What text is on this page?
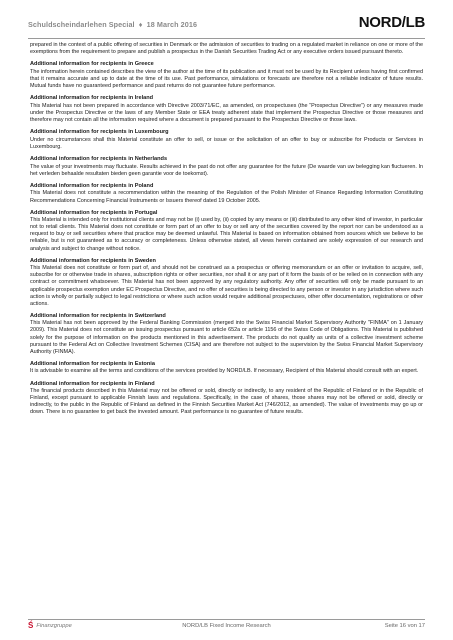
Schuldscheindarlehen Special ♦ 18 March 2016	NORD/LB

prepared in the context of a public offering of securities in Denmark or the admission of securities to trading on a regulated market in reliance on one or more of the exemptions from the requirement to prepare and publish a prospectus in the Danish Securities Trading Act or any executive orders issued pursuant thereto.

Additional information for recipients in Greece

The information herein contained describes the view of the author at the time of its publication and it must not be used by its Recipient unless having first confirmed that it remains accurate and up to date at the time of its use. Past performance, simulations or forecasts are therefore not a reliable indicator of future results. Mutual funds have no guaranteed performance and past returns do not guarantee future performance.

Additional information for recipients in Ireland

This Material has not been prepared in accordance with Directive 2003/71/EC, as amended, on prospectuses (the “Prospectus Directive”) or any measures made under the Prospectus Directive or the laws of any Member State or EEA treaty adherent state that implement the Prospectus Directive or those measures and therefore may not contain all the information required where a document is prepared pursuant to the Prospectus Directive or those laws.

Additional information for recipients in Luxembourg

Under no circumstances shall this Material constitute an offer to sell, or issue or the solicitation of an offer to buy or subscribe for Products or Services in Luxembourg.

Additional information for recipients in Netherlands

The value of your investments may fluctuate. Results achieved in the past do not offer any guarantee for the future (De waarde van uw belegging kan fluctueren. In het verleden behaalde resultaten bieden geen garantie voor de toekomst).

Additional information for recipients in Poland

This Material does not constitute a recommendation within the meaning of the Regulation of the Polish Minister of Finance Regarding Information Constituting Recommendations Concerning Financial Instruments or Issuers thereof dated 19 October 2005.

Additional information for recipients in Portugal

This Material is intended only for institutional clients and may not be (i) used by, (ii) copied by any means or (iii) distributed to any other kind of investor, in particular not to retail clients. This Material does not constitute or form part of an offer to buy or sell any of the securities covered by the report nor can be understood as a request to buy or sell securities where that practice may be deemed unlawful. This Material is based on information obtained from sources which we believe to be reliable, but is not guaranteed as to accuracy or completeness. Unless otherwise stated, all views herein contained are solely expression of our research and analysis and subject to change without notice.

Additional information for recipients in Sweden

This Material does not constitute or form part of, and should not be construed as a prospectus or offering memorandum or an offer or invitation to acquire, sell, subscribe for or otherwise trade in shares, subscription rights or other securities, nor shall it or any part of it form the basis of or be relied on in connection with any contract or commitment whatsoever. This Material has not been approved by any regulatory authority. Any offer of securities will only be made pursuant to an applicable prospectus exemption under EC Prospectus Directive, and no offer of securities is being directed to any person or investor in any jurisdiction where such action is wholly or partially subject to legal restrictions or where such action would require additional prospectuses, other offer documentation, registrations or other actions.

Additional information for recipients in Switzerland

This Material has not been approved by the Federal Banking Commission (merged into the Swiss Financial Market Supervisory Authority "FINMA" on 1 January 2009). This Material does not constitute an issuing prospectus pursuant to article 652a or article 1156 of the Swiss Code of Obligations. This Material is published solely for the purpose of information on the products mentioned in this advertisement. The products do not qualify as units of a collective investment scheme pursuant to the Federal Act on Collective Investment Schemes (CISA) and are therefore not subject to the supervision by the Swiss Financial Market Supervisory Authority (FINMA).

Additional information for recipients in Estonia

It is advisable to examine all the terms and conditions of the services provided by NORD/LB. If necessary, Recipient of this Material should consult with an expert.

Additional information for recipients in Finland

The financial products described in this Material may not be offered or sold, directly or indirectly, to any resident of the Republic of Finland or in the Republic of Finland, except pursuant to applicable Finnish laws and regulations. Specifically, in the case of shares, those shares may not be offered or sold, directly or indirectly, to the public in the Republic of Finland as defined in the Finnish Securities Market Act (746/2012, as amended). The value of investments may go up or down. There is no guarantee to get back the invested amount. Past performance is no guarantee of future results.

Ś Finanzgruppe	NORD/LB Fixed Income Research	Seite 16 von 17
